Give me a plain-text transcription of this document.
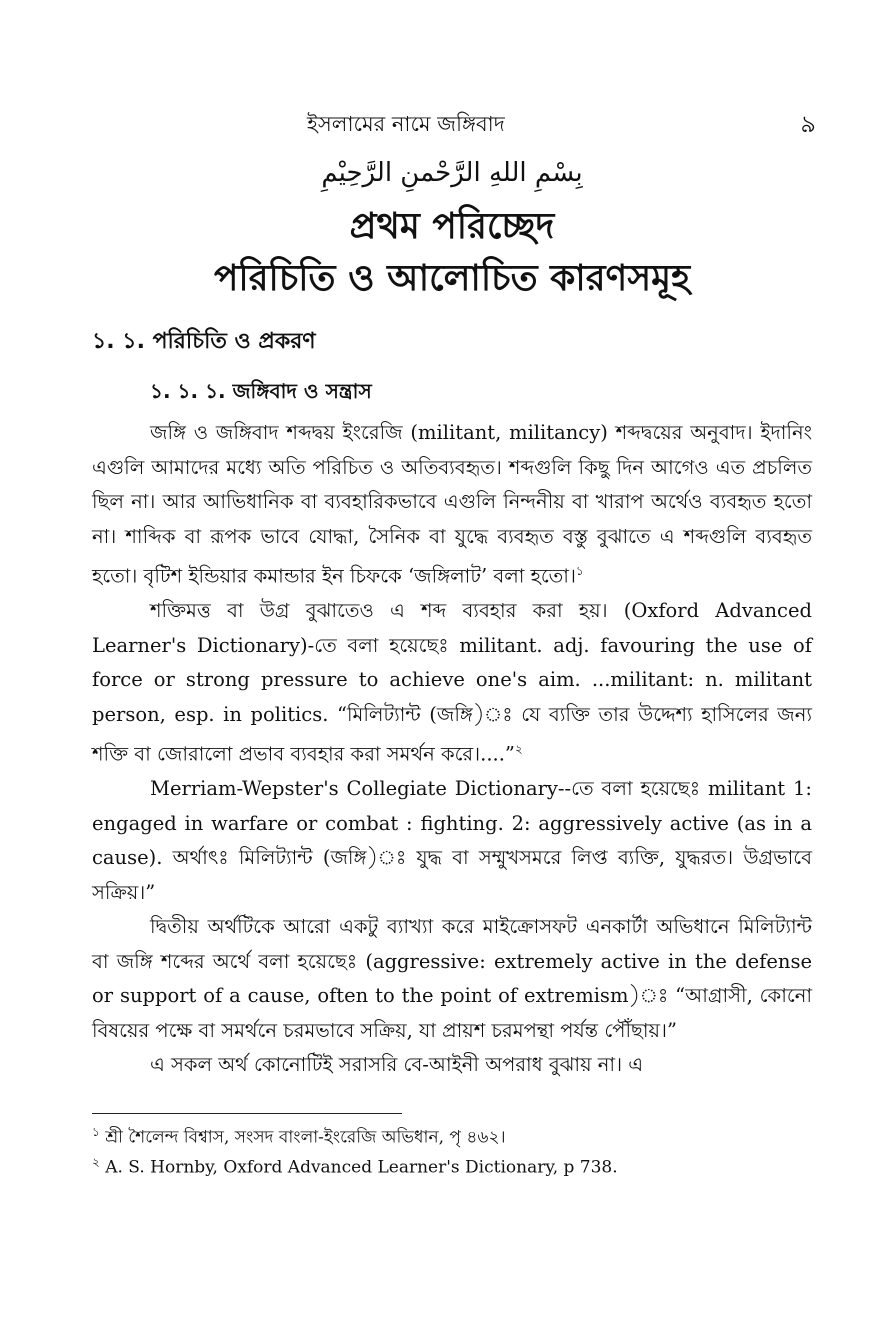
ইসলামের নামে জঙ্গিবাদ	৯
بِسْمِ اللهِ الرَّحْمنِ الرَّحِيْمِ
প্রথম পরিচ্ছেদ
পরিচিতি ও আলোচিত কারণসমূহ
১. ১. পরিচিতি ও প্রকরণ
১. ১. ১. জঙ্গিবাদ ও সন্ত্রাস

জঙ্গি ও জঙ্গিবাদ শব্দদ্বয় ইংরেজি (militant, militancy) শব্দদ্বয়ের অনুবাদ। ইদানিং এগুলি আমাদের মধ্যে অতি পরিচিত ও অতিব্যবহৃত। শব্দগুলি কিছু দিন আগেও এত প্রচলিত ছিল না। আর আভিধানিক বা ব্যবহারিকভাবে এগুলি নিন্দনীয় বা খারাপ অর্থেও ব্যবহৃত হতো না। শাব্দিক বা রূপক ভাবে যোদ্ধা, সৈনিক বা যুদ্ধে ব্যবহৃত বস্তু বুঝাতে এ শব্দগুলি ব্যবহৃত হতো। বৃটিশ ইন্ডিয়ার কমান্ডার ইন চিফকে ‘জঙ্গিলাট’ বলা হতো।$^১$

শক্তিমত্ত বা উগ্র বুঝাতেও এ শব্দ ব্যবহার করা হয়। (Oxford Advanced Learner's Dictionary)-তে বলা হয়েছেঃ militant. adj. favouring the use of force or strong pressure to achieve one's aim. ...militant: n. militant person, esp. in politics. “মিলিট্যান্ট (জঙ্গি)ঃ যে ব্যক্তি তার উদ্দেশ্য হাসিলের জন্য শক্তি বা জোরালো প্রভাব ব্যবহার করা সমর্থন করে।....”$^২$

Merriam-Wepster's Collegiate Dictionary--তে বলা হয়েছেঃ militant 1: engaged in warfare or combat : fighting. 2: aggressively active (as in a cause). অর্থাৎঃ মিলিট্যান্ট (জঙ্গি)ঃ যুদ্ধ বা সম্মুখসমরে লিপ্ত ব্যক্তি, যুদ্ধরত। উগ্রভাবে সক্রিয়।”

দ্বিতীয় অর্থটিকে আরো একটু ব্যাখ্যা করে মাইক্রোসফট এনকার্টা অভিধানে মিলিট্যান্ট বা জঙ্গি শব্দের অর্থে বলা হয়েছেঃ (aggressive: extremely active in the defense or support of a cause, often to the point of extremism)ঃ “আগ্রাসী, কোনো বিষয়ের পক্ষে বা সমর্থনে চরমভাবে সক্রিয়, যা প্রায়শ চরমপন্থা পর্যন্ত পৌঁছায়।”

এ সকল অর্থ কোনোটিই সরাসরি বে-আইনী অপরাধ বুঝায় না। এ

$^১$ শ্রী শৈলেন্দ বিশ্বাস, সংসদ বাংলা-ইংরেজি অভিধান, পৃ ৪৬২।

$^২$ A. S. Hornby, Oxford Advanced Learner's Dictionary, p 738.
